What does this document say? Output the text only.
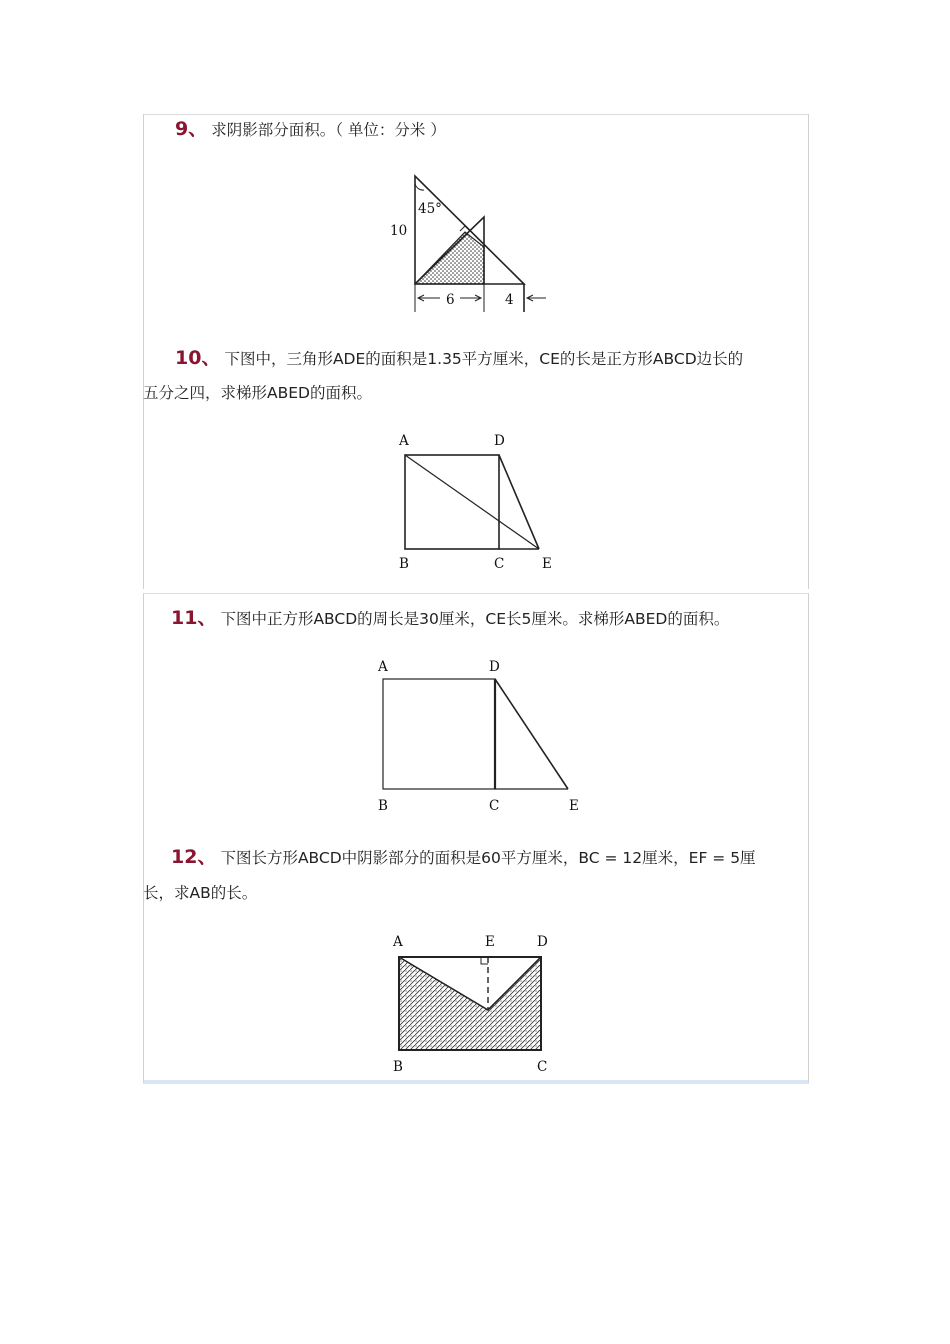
9、 求阴影部分面积。（ 单位：分米 ）
10
45°
6	4
10、 下图中，三角形ADE的面积是1.35平方厘米，CE的长是正方形ABCD边长的
五分之四，求梯形ABED的面积。
A	D
B	C	E
11、 下图中正方形ABCD的周长是30厘米，CE长5厘米。求梯形ABED的面积。
A	D
B	C	E
12、 下图长方形ABCD中阴影部分的面积是60平方厘米，BC = 12厘米，EF = 5厘
长，求AB的长。
A	E	D
B	C
